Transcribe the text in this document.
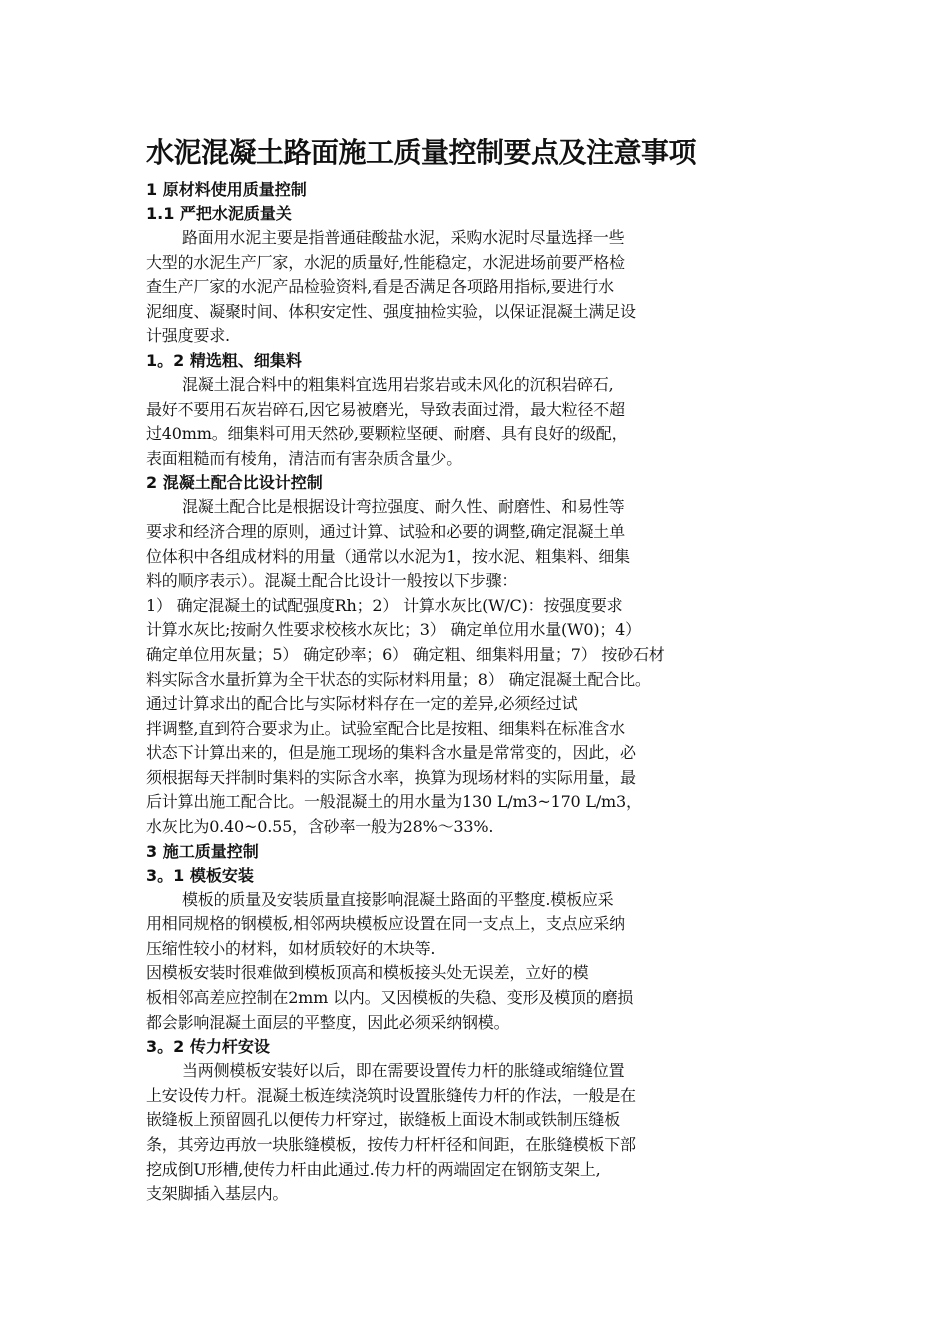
水泥混凝土路面施工质量控制要点及注意事项
1 原材料使用质量控制
1.1 严把水泥质量关
路面用水泥主要是指普通硅酸盐水泥，采购水泥时尽量选择一些
大型的水泥生产厂家，水泥的质量好,性能稳定，水泥进场前要严格检
查生产厂家的水泥产品检验资料,看是否满足各项路用指标,要进行水
泥细度、凝聚时间、体积安定性、强度抽检实验，以保证混凝土满足设
计强度要求.
1。2 精选粗、细集料
混凝土混合料中的粗集料宜选用岩浆岩或未风化的沉积岩碎石,
最好不要用石灰岩碎石,因它易被磨光，导致表面过滑，最大粒径不超
过40mm。细集料可用天然砂,要颗粒坚硬、耐磨、具有良好的级配，
表面粗糙而有棱角，清洁而有害杂质含量少。
2 混凝土配合比设计控制
混凝土配合比是根据设计弯拉强度、耐久性、耐磨性、和易性等
要求和经济合理的原则，通过计算、试验和必要的调整,确定混凝土单
位体积中各组成材料的用量（通常以水泥为1，按水泥、粗集料、细集
料的顺序表示）。混凝土配合比设计一般按以下步骤：
1） 确定混凝土的试配强度Rh；2） 计算水灰比(W/C)：按强度要求
计算水灰比;按耐久性要求校核水灰比；3） 确定单位用水量(W0)；4）
确定单位用灰量；5） 确定砂率；6） 确定粗、细集料用量；7） 按砂石材
料实际含水量折算为全干状态的实际材料用量；8） 确定混凝土配合比。
通过计算求出的配合比与实际材料存在一定的差异,必须经过试
拌调整,直到符合要求为止。试验室配合比是按粗、细集料在标准含水
状态下计算出来的，但是施工现场的集料含水量是常常变的，因此，必
须根据每天拌制时集料的实际含水率，换算为现场材料的实际用量，最
后计算出施工配合比。一般混凝土的用水量为130 L/m3~170 L/m3，
水灰比为0.40~0.55，含砂率一般为28%～33%.
3 施工质量控制
3。1 模板安装
模板的质量及安装质量直接影响混凝土路面的平整度.模板应采
用相同规格的钢模板,相邻两块模板应设置在同一支点上，支点应采纳
压缩性较小的材料，如材质较好的木块等.
因模板安装时很难做到模板顶高和模板接头处无误差，立好的模
板相邻高差应控制在2mm 以内。又因模板的失稳、变形及模顶的磨损
都会影响混凝土面层的平整度，因此必须采纳钢模。
3。2 传力杆安设
当两侧模板安装好以后，即在需要设置传力杆的胀缝或缩缝位置
上安设传力杆。混凝土板连续浇筑时设置胀缝传力杆的作法，一般是在
嵌缝板上预留圆孔以便传力杆穿过，嵌缝板上面设木制或铁制压缝板
条，其旁边再放一块胀缝模板，按传力杆杆径和间距，在胀缝模板下部
挖成倒U形槽,使传力杆由此通过.传力杆的两端固定在钢筋支架上,
支架脚插入基层内。
